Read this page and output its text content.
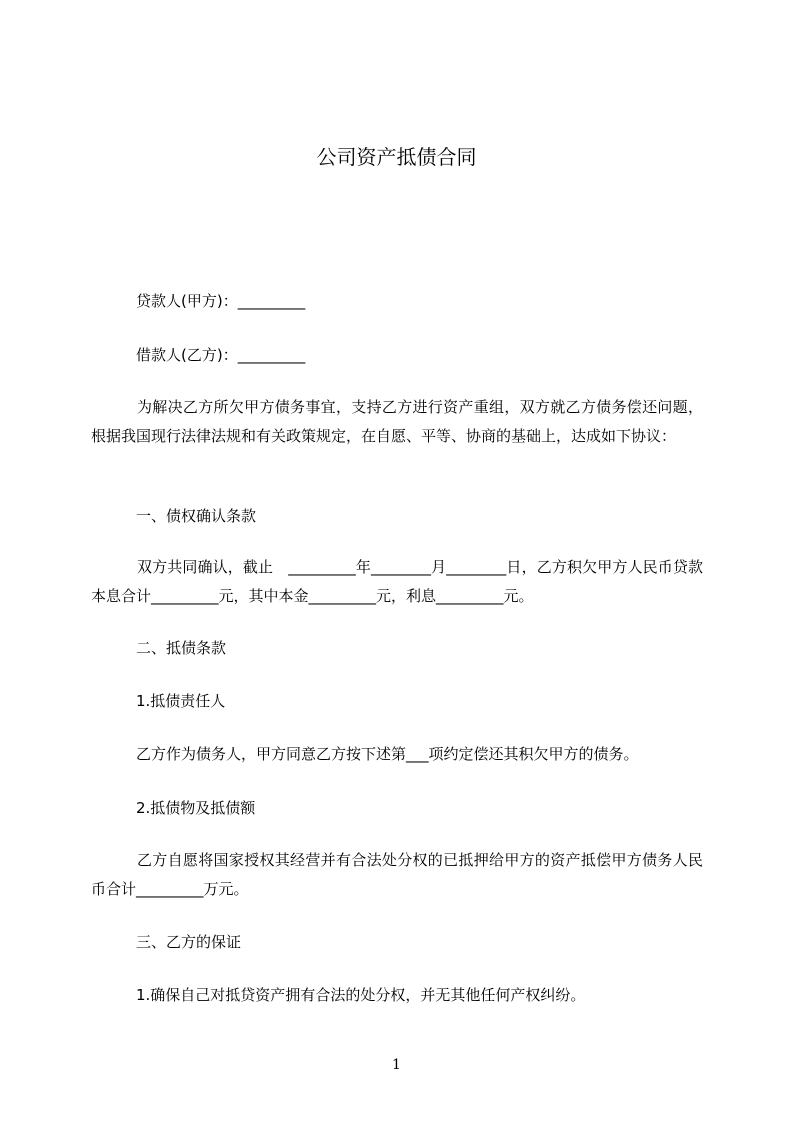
公司资产抵债合同
贷款人(甲方)：_________
借款人(乙方)：_________
为解决乙方所欠甲方债务事宜，支持乙方进行资产重组，双方就乙方债务偿还问题，根据我国现行法律法规和有关政策规定，在自愿、平等、协商的基础上，达成如下协议：
一、债权确认条款
双方共同确认，截止　_________年________月________日，乙方积欠甲方人民币贷款本息合计_________元，其中本金_________元，利息_________元。
二、抵债条款
1.抵债责任人
乙方作为债务人，甲方同意乙方按下述第___项约定偿还其积欠甲方的债务。
2.抵债物及抵债额
乙方自愿将国家授权其经营并有合法处分权的已抵押给甲方的资产抵偿甲方债务人民币合计_________万元。
三、乙方的保证
1.确保自己对抵贷资产拥有合法的处分权，并无其他任何产权纠纷。
1
